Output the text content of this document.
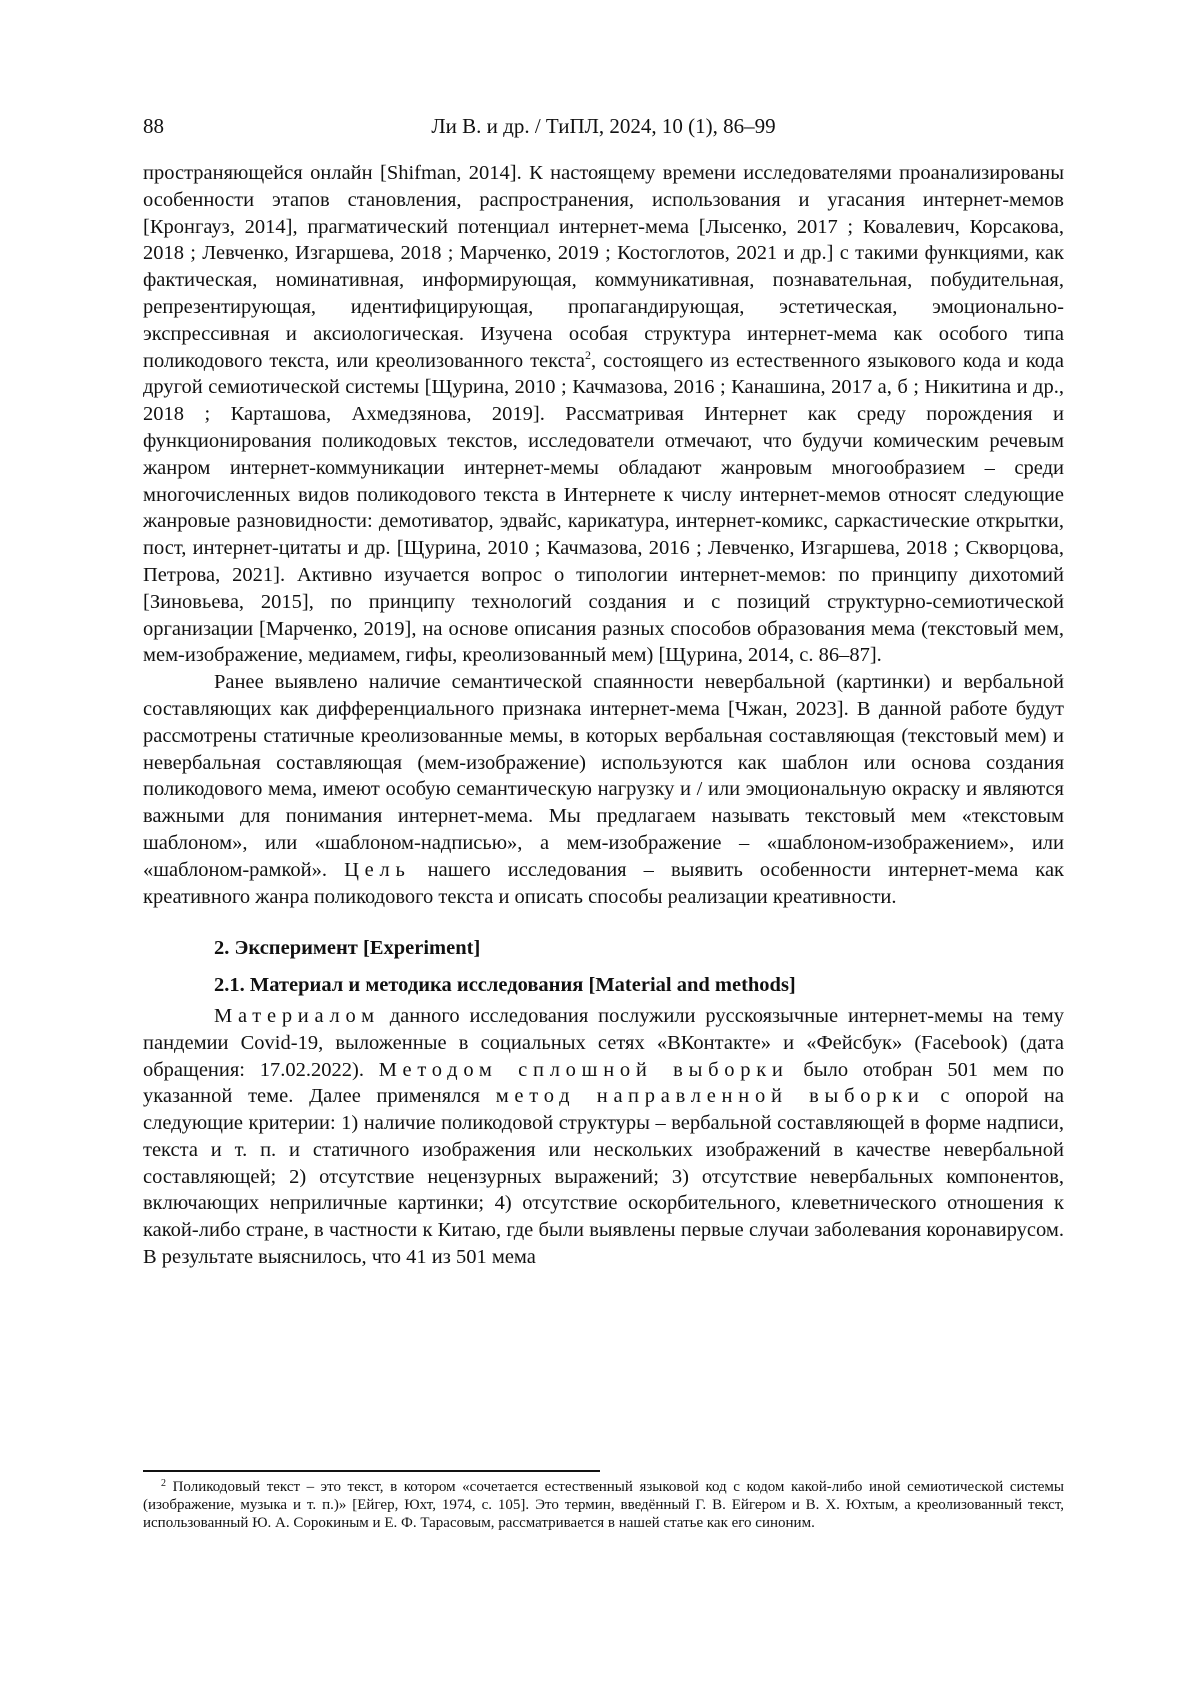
88	Ли В. и др. / ТиПЛ, 2024, 10 (1), 86–99

пространяющейся онлайн [Shifman, 2014]. К настоящему времени исследователями проанализированы особенности этапов становления, распространения, использования и угасания интернет-мемов [Кронгауз, 2014], прагматический потенциал интернет-мема [Лысенко, 2017 ; Ковалевич, Корсакова, 2018 ; Левченко, Изгаршева, 2018 ; Марченко, 2019 ; Костоглотов, 2021 и др.] с такими функциями, как фактическая, номинативная, информирующая, коммуникативная, познавательная, побудительная, репрезентирующая, идентифицирующая, пропагандирующая, эстетическая, эмоционально-экспрессивная и аксиологическая. Изучена особая структура интернет-мема как особого типа поликодового текста, или креолизованного текста$^2$, состоящего из естественного языкового кода и кода другой семиотической системы [Щурина, 2010 ; Качмазова, 2016 ; Канашина, 2017 а, б ; Никитина и др., 2018 ; Карташова, Ахмедзянова, 2019]. Рассматривая Интернет как среду порождения и функционирования поликодовых текстов, исследователи отмечают, что будучи комическим речевым жанром интернет-коммуникации интернет-мемы обладают жанровым многообразием – среди многочисленных видов поликодового текста в Интернете к числу интернет-мемов относят следующие жанровые разновидности: демотиватор, эдвайс, карикатура, интернет-комикс, саркастические открытки, пост, интернет-цитаты и др. [Щурина, 2010 ; Качмазова, 2016 ; Левченко, Изгаршева, 2018 ; Скворцова, Петрова, 2021]. Активно изучается вопрос о типологии интернет-мемов: по принципу дихотомий [Зиновьева, 2015], по принципу технологий создания и с позиций структурно-семиотической организации [Марченко, 2019], на основе описания разных способов образования мема (текстовый мем, мем-изображение, медиамем, гифы, креолизованный мем) [Щурина, 2014, с. 86–87].

Ранее выявлено наличие семантической спаянности невербальной (картинки) и вербальной составляющих как дифференциального признака интернет-мема [Чжан, 2023]. В данной работе будут рассмотрены статичные креолизованные мемы, в которых вербальная составляющая (текстовый мем) и невербальная составляющая (мем-изображение) используются как шаблон или основа создания поликодового мема, имеют особую семантическую нагрузку и / или эмоциональную окраску и являются важными для понимания интернет-мема. Мы предлагаем называть текстовый мем «текстовым шаблоном», или «шаблоном-надписью», а мем-изображение – «шаблоном-изображением», или «шаблоном-рамкой». Цель нашего исследования – выявить особенности интернет-мема как креативного жанра поликодового текста и описать способы реализации креативности.

2. Эксперимент [Experiment]
2.1. Материал и методика исследования [Material and methods]

Материалом данного исследования послужили русскоязычные интернет-мемы на тему пандемии Covid-19, выложенные в социальных сетях «ВКонтакте» и «Фейсбук» (Facebook) (дата обращения: 17.02.2022). Методом сплошной выборки было отобран 501 мем по указанной теме. Далее применялся метод направленной выборки с опорой на следующие критерии: 1) наличие поликодовой структуры – вербальной составляющей в форме надписи, текста и т. п. и статичного изображения или нескольких изображений в качестве невербальной составляющей; 2) отсутствие нецензурных выражений; 3) отсутствие невербальных компонентов, включающих неприличные картинки; 4) отсутствие оскорбительного, клеветнического отношения к какой-либо стране, в частности к Китаю, где были выявлены первые случаи заболевания коронавирусом. В результате выяснилось, что 41 из 501 мема

$^2$ Поликодовый текст – это текст, в котором «сочетается естественный языковой код с кодом какой-либо иной семиотической системы (изображение, музыка и т. п.)» [Ейгер, Юхт, 1974, с. 105]. Это термин, введённый Г. В. Ейгером и В. Х. Юхтым, а креолизованный текст, использованный Ю. А. Сорокиным и Е. Ф. Тарасовым, рассматривается в нашей статье как его синоним.
